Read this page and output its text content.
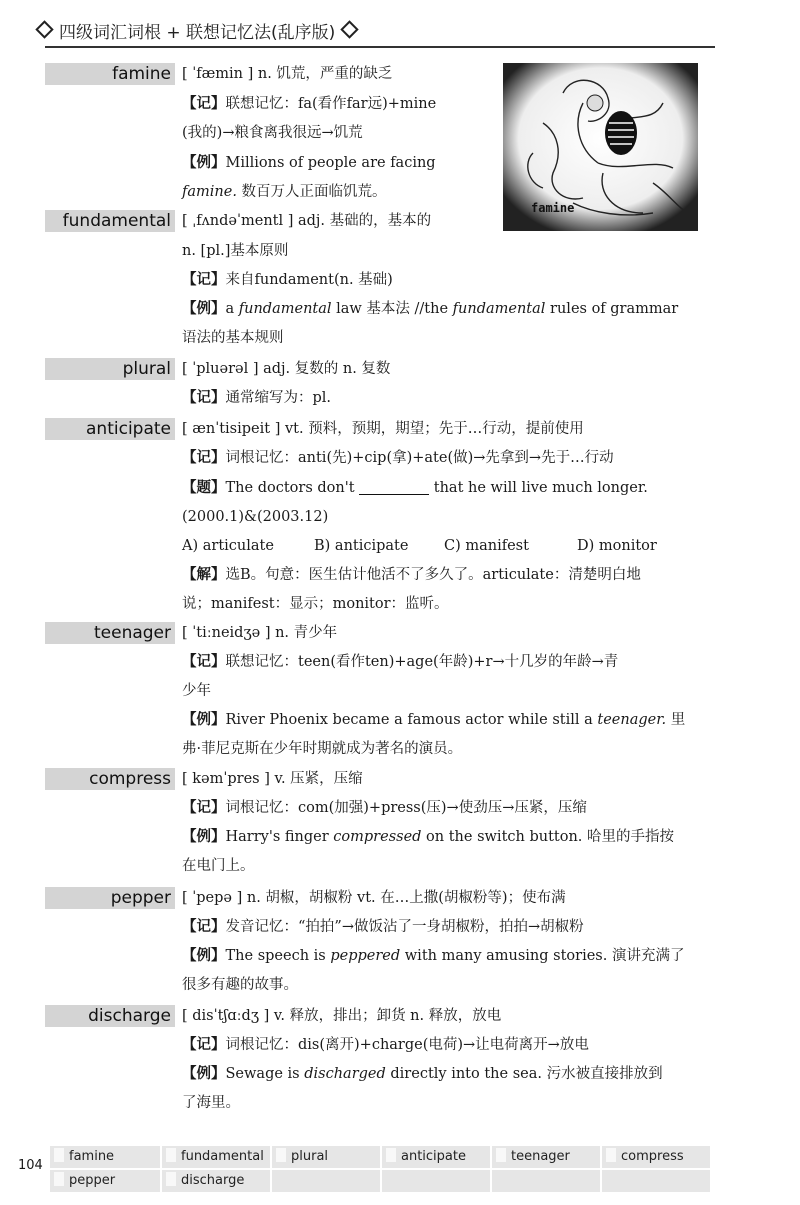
四级词汇词根 + 联想记忆法(乱序版)
famine
famine [ ˈfæmin ] n. 饥荒，严重的缺乏
【记】联想记忆：fa(看作far远)+mine
(我的)→粮食离我很远→饥荒
【例】Millions of people are facing
famine. 数百万人正面临饥荒。
fundamental [ ˌfʌndəˈmentl ] adj. 基础的，基本的
n. [pl.]基本原则
【记】来自fundament(n. 基础)
【例】a fundamental law 基本法 //the fundamental rules of grammar
语法的基本规则
plural [ ˈpluərəl ] adj. 复数的 n. 复数
【记】通常缩写为：pl.
anticipate [ ænˈtisipeit ] vt. 预料，预期，期望；先于…行动，提前使用
【记】词根记忆：anti(先)+cip(拿)+ate(做)→先拿到→先于…行动
【题】The doctors don't	that he will live much longer.
(2000.1)&(2003.12)
A) articulate	B) anticipate C) manifest	D) monitor
【解】选B。句意：医生估计他活不了多久了。articulate：清楚明白地
说；manifest：显示；monitor：监听。
teenager [ ˈtiːneidʒə ] n. 青少年
【记】联想记忆：teen(看作ten)+age(年龄)+r→十几岁的年龄→青
少年
【例】River Phoenix became a famous actor while still a teenager. 里
弗·菲尼克斯在少年时期就成为著名的演员。
compress [ kəmˈpres ] v. 压紧，压缩
【记】词根记忆：com(加强)+press(压)→使劲压→压紧，压缩
【例】Harry's finger compressed on the switch button. 哈里的手指按
在电门上。
pepper [ ˈpepə ] n. 胡椒，胡椒粉 vt. 在…上撒(胡椒粉等)；使布满
【记】发音记忆：“拍拍”→做饭沾了一身胡椒粉，拍拍→胡椒粉
【例】The speech is peppered with many amusing stories. 演讲充满了
很多有趣的故事。
discharge [ disˈtʃɑːdʒ ] v. 释放，排出；卸货 n. 释放，放电
【记】词根记忆：dis(离开)+charge(电荷)→让电荷离开→放电
【例】Sewage is discharged directly into the sea. 污水被直接排放到
了海里。
104
famine	fundamental	plural	anticipate	teenager	compress
pepper	discharge
